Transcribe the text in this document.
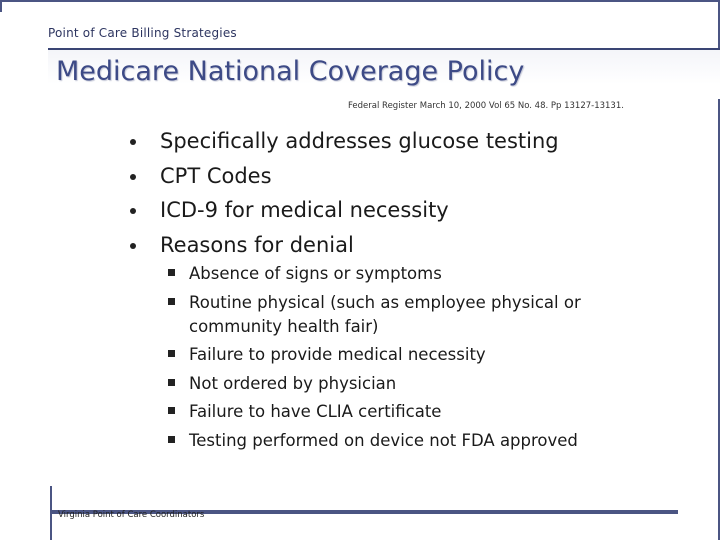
Point of Care Billing Strategies
Medicare National Coverage Policy
Federal Register March 10, 2000 Vol 65 No. 48. Pp 13127-13131.
Specifically addresses glucose testing
CPT Codes
ICD-9 for medical necessity
Reasons for denial
Absence of signs or symptoms
Routine physical (such as employee physical or community health fair)
Failure to provide medical necessity
Not ordered by physician
Failure to have CLIA certificate
Testing performed on device not FDA approved
Virginia Point of Care Coordinators
